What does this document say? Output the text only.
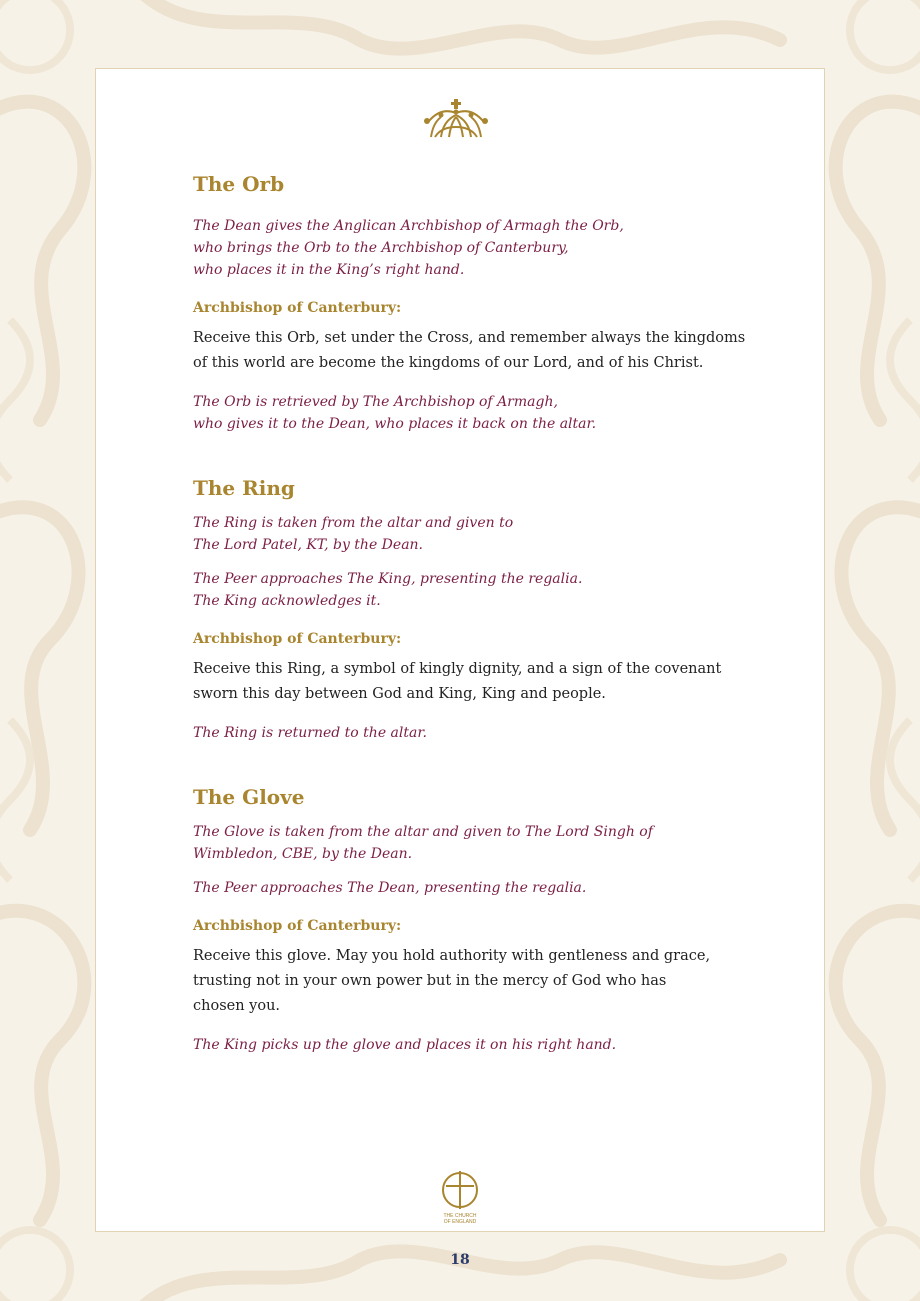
The Orb

The Dean gives the Anglican Archbishop of Armagh the Orb,
who brings the Orb to the Archbishop of Canterbury,
who places it in the King’s right hand.

Archbishop of Canterbury:

Receive this Orb, set under the Cross, and remember always the kingdoms
of this world are become the kingdoms of our Lord, and of his Christ.

The Orb is retrieved by The Archbishop of Armagh,
who gives it to the Dean, who places it back on the altar.

The Ring

The Ring is taken from the altar and given to
The Lord Patel, KT, by the Dean.

The Peer approaches The King, presenting the regalia.
The King acknowledges it.

Archbishop of Canterbury:

Receive this Ring, a symbol of kingly dignity, and a sign of the covenant
sworn this day between God and King, King and people.

The Ring is returned to the altar.

The Glove

The Glove is taken from the altar and given to The Lord Singh of
Wimbledon, CBE, by the Dean.

The Peer approaches The Dean, presenting the regalia.

Archbishop of Canterbury:

Receive this glove. May you hold authority with gentleness and grace,
trusting not in your own power but in the mercy of God who has
chosen you.

The King picks up the glove and places it on his right hand.

THE CHURCH
OF ENGLAND
18
